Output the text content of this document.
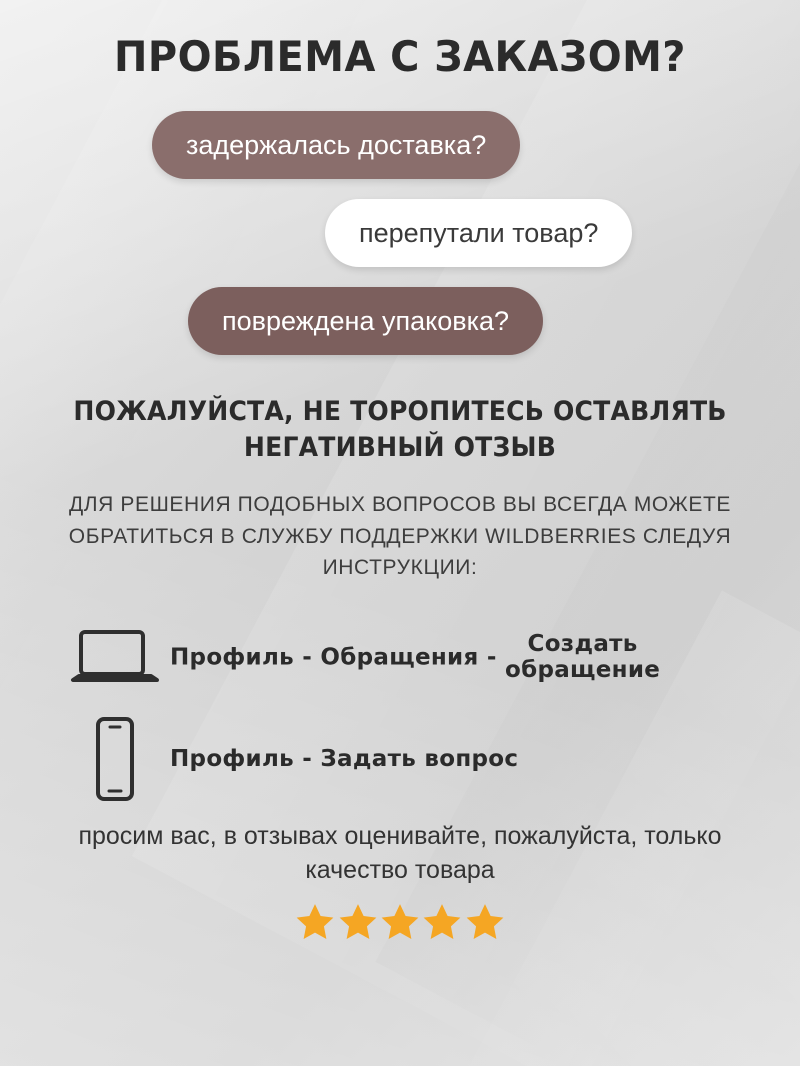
ПРОБЛЕМА С ЗАКАЗОМ?
задержалась доставка?
перепутали товар?
повреждена упаковка?
ПОЖАЛУЙСТА, НЕ ТОРОПИТЕСЬ ОСТАВЛЯТЬ НЕГАТИВНЫЙ ОТЗЫВ
ДЛЯ РЕШЕНИЯ ПОДОБНЫХ ВОПРОСОВ ВЫ ВСЕГДА МОЖЕТЕ ОБРАТИТЬСЯ В СЛУЖБУ ПОДДЕРЖКИ WILDBERRIES СЛЕДУЯ ИНСТРУКЦИИ:
Профиль - Обращения - Создать
обращение
Профиль - Задать вопрос
просим вас, в отзывах оценивайте, пожалуйста, только качество товара
